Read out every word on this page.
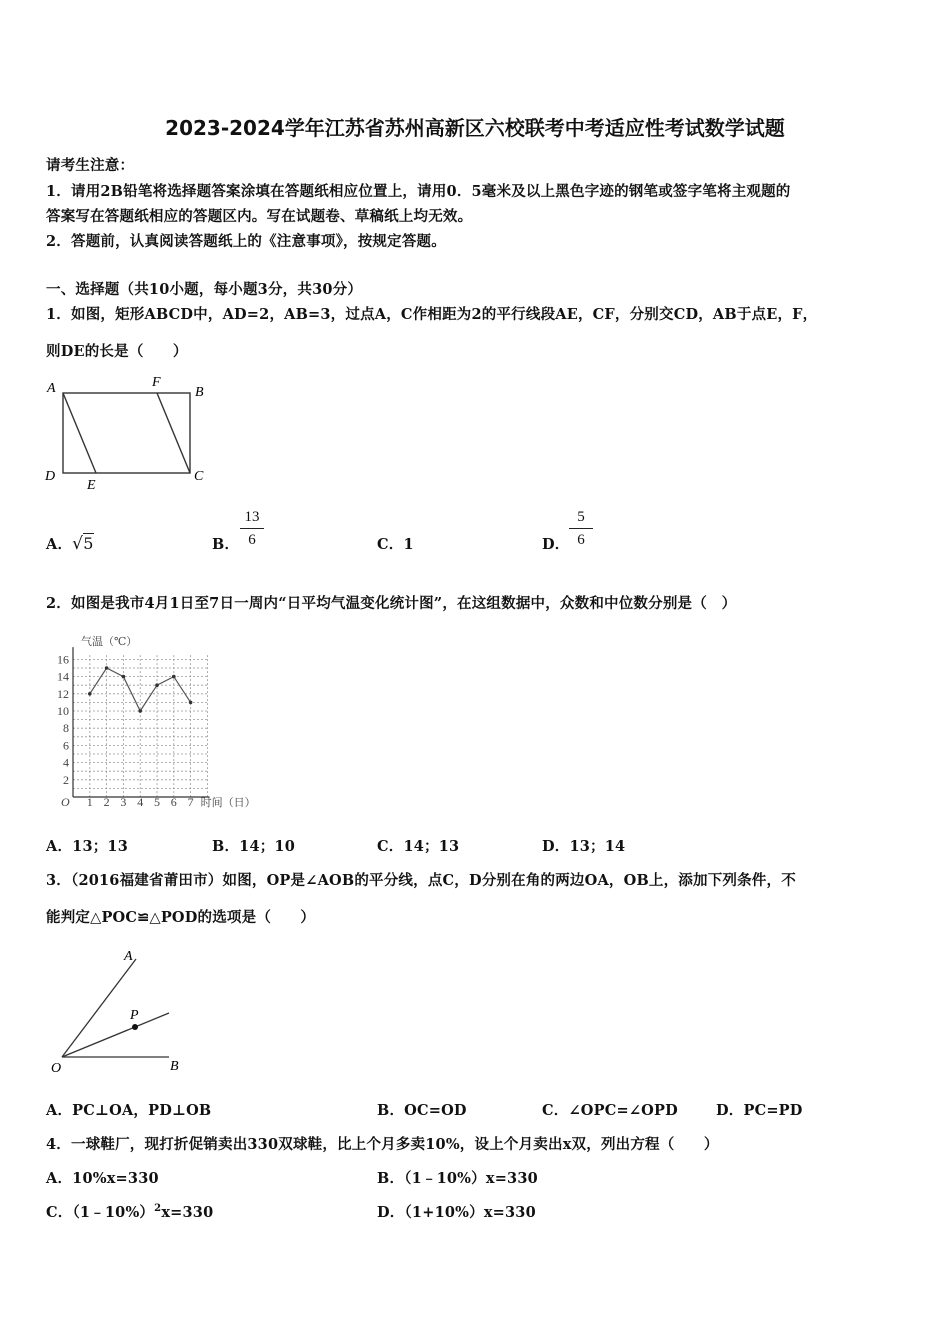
2023-2024学年江苏省苏州高新区六校联考中考适应性考试数学试题
请考生注意：
1．请用2B铅笔将选择题答案涂填在答题纸相应位置上，请用0．5毫米及以上黑色字迹的钢笔或签字笔将主观题的
答案写在答题纸相应的答题区内。写在试题卷、草稿纸上均无效。
2．答题前，认真阅读答题纸上的《注意事项》，按规定答题。
一、选择题（共10小题，每小题3分，共30分）
1．如图，矩形ABCD中，AD=2，AB=3，过点A，C作相距为2的平行线段AE，CF，分别交CD，AB于点E，F，
则DE的长是（　　）
A	F
B
D
E
C
A．√5	B．
13
6	C．1	D．
5
6
2．如图是我市4月1日至7日一周内“日平均气温变化统计图”，在这组数据中，众数和中位数分别是（　）
气温（℃）
时间（日）
O 1 2 3 4 5 6 7
2
4
6
8
10
12
14
16
A．13；13	B．14；10	C．14；13	D．13；14
3．（2016福建省莆田市）如图，OP是∠AOB的平分线，点C，D分别在角的两边OA，OB上，添加下列条件，不
能判定△POC≌△POD的选项是（　　）
A
P
O	B
A．PC⊥OA，PD⊥OB	B．OC=OD	C．∠OPC=∠OPD	D．PC=PD
4．一球鞋厂，现打折促销卖出330双球鞋，比上个月多卖10%，设上个月卖出x双，列出方程（　　）
A．10%x=330	B．（1﹣10%）x=330
C．（1﹣10%）$^2$x=330	D．（1+10%）x=330
